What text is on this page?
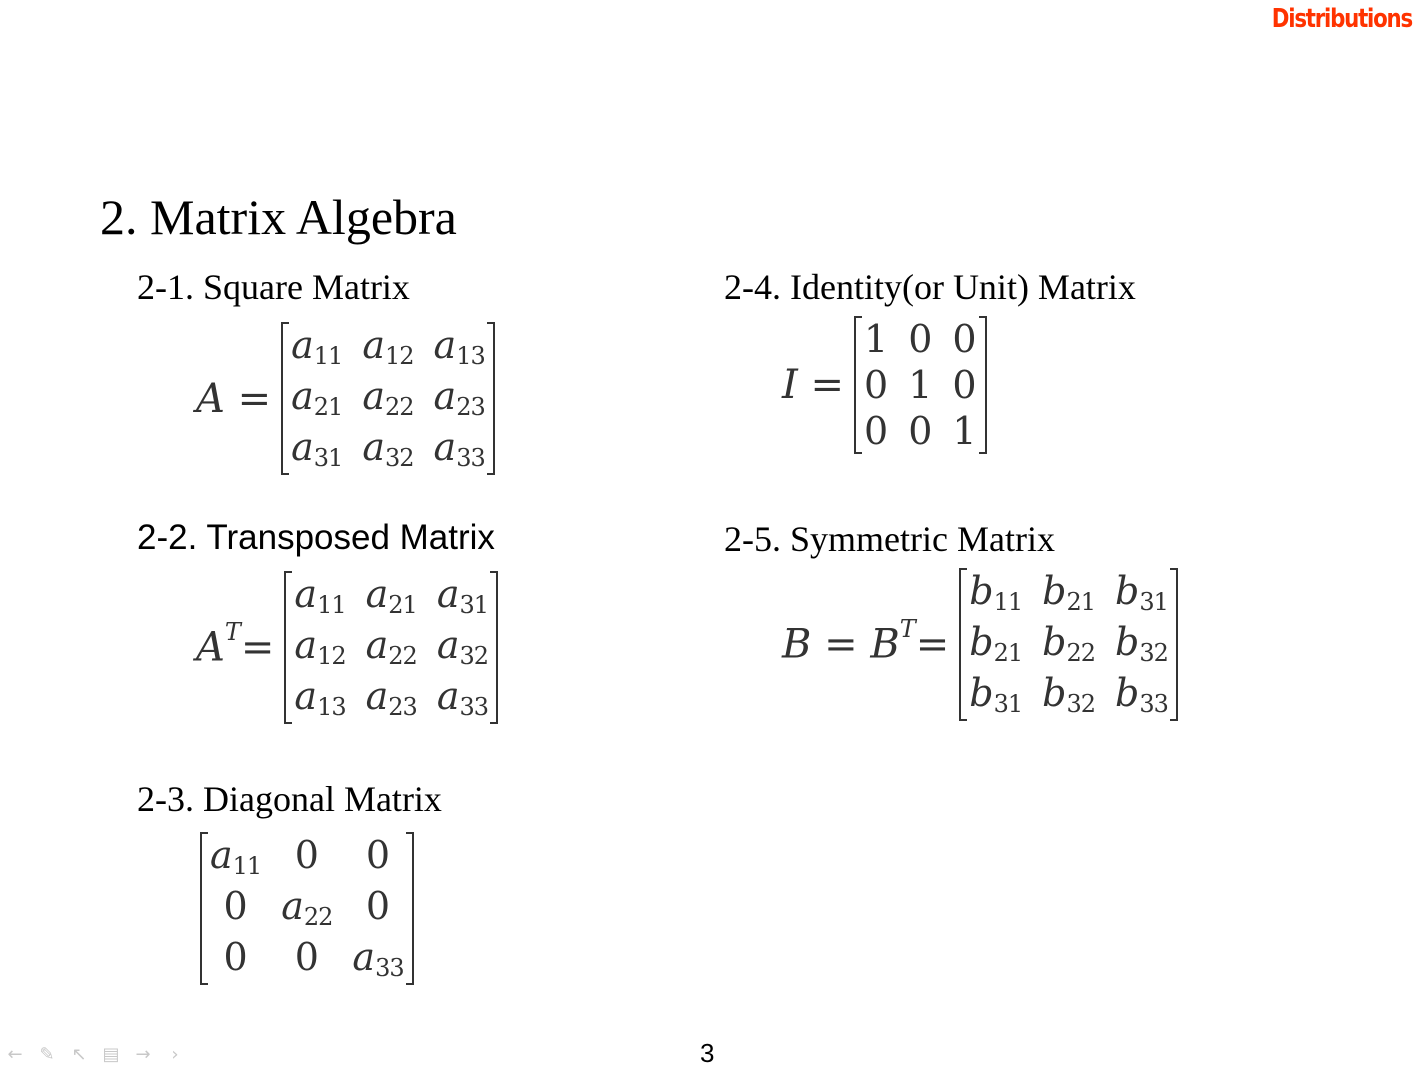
Distributions
2. Matrix Algebra
2-1. Square Matrix
A =
a11 a12 a13
a21 a22 a23
a31 a32 a33
2-2. Transposed Matrix
$A^T=$
a11 a21 a31
a12 a22 a32
a13 a23 a33
2-3. Diagonal Matrix
a11 0	0
0 a22 0
0	0 a33
2-4. Identity(or Unit) Matrix
I =
1 0 0
0 1 0
0 0 1
2-5. Symmetric Matrix
$B = B^T=$
b11 b21 b31
b21 b22 b32
b31 b32 b33
3
← ✎ ↖ ▤ →	›
